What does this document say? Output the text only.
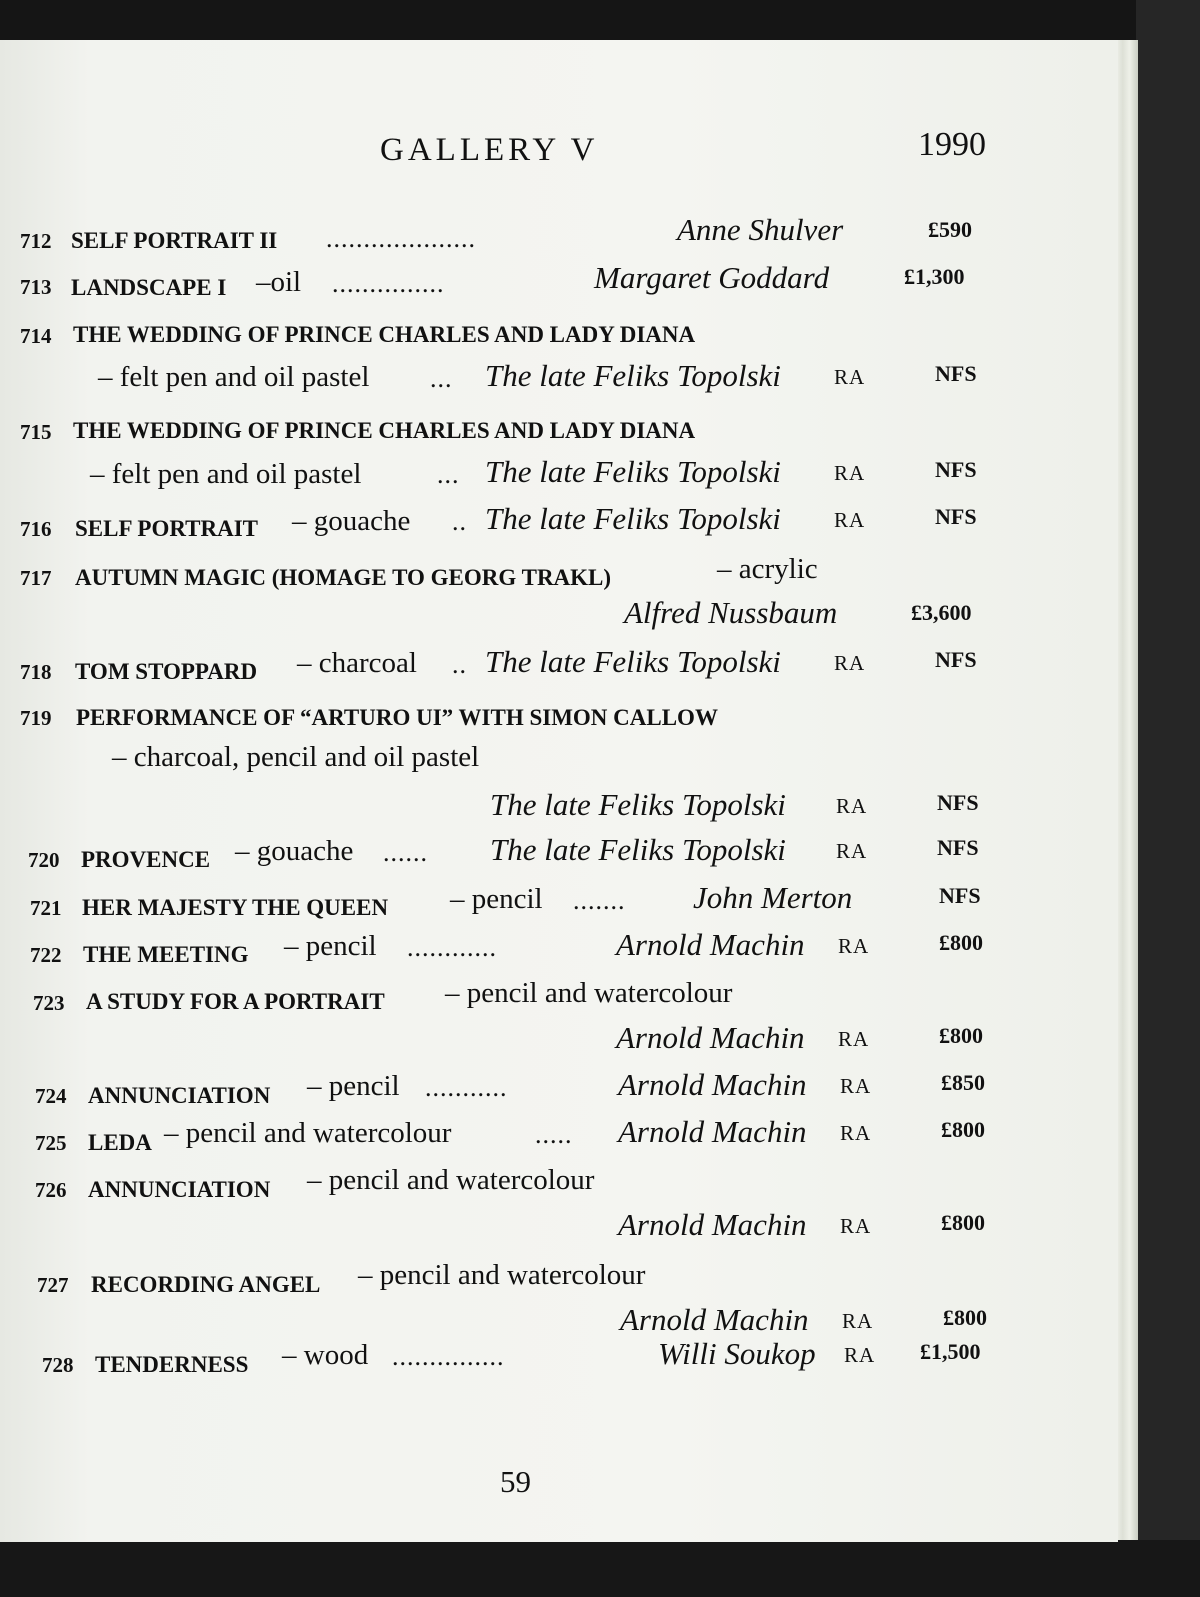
GALLERY V	1990
712 SELF PORTRAIT II ....................	Anne Shulver	£590
713 LANDSCAPE I –oil ...............	Margaret Goddard	£1,300
714 THE WEDDING OF PRINCE CHARLES AND LADY DIANA
– felt pen and oil pastel ... The late Feliks Topolski	RA	NFS
715 THE WEDDING OF PRINCE CHARLES AND LADY DIANA
– felt pen and oil pastel	... The late Feliks Topolski	RA	NFS
716 SELF PORTRAIT – gouache .. The late Feliks Topolski	RA	NFS
717 AUTUMN MAGIC (HOMAGE TO GEORG TRAKL)	– acrylic
Alfred Nussbaum	£3,600
718 TOM STOPPARD – charcoal .. The late Feliks Topolski	RA	NFS
719 PERFORMANCE OF “ARTURO UI” WITH SIMON CALLOW
– charcoal, pencil and oil pastel
The late Feliks Topolski RA	NFS
720 PROVENCE – gouache ...... The late Feliks Topolski RA	NFS
721 HER MAJESTY THE QUEEN – pencil ....... John Merton	NFS
722 THE MEETING – pencil ............	Arnold Machin RA	£800
723 A STUDY FOR A PORTRAIT – pencil and watercolour
Arnold Machin RA	£800
724 ANNUNCIATION – pencil ...........	Arnold Machin RA	£850
725 LEDA – pencil and watercolour	..... Arnold Machin RA	£800
726 ANNUNCIATION – pencil and watercolour
Arnold Machin RA	£800
727 RECORDING ANGEL – pencil and watercolour
Arnold Machin RA	£800
728 TENDERNESS – wood ...............	Willi Soukop RA £1,500
59
